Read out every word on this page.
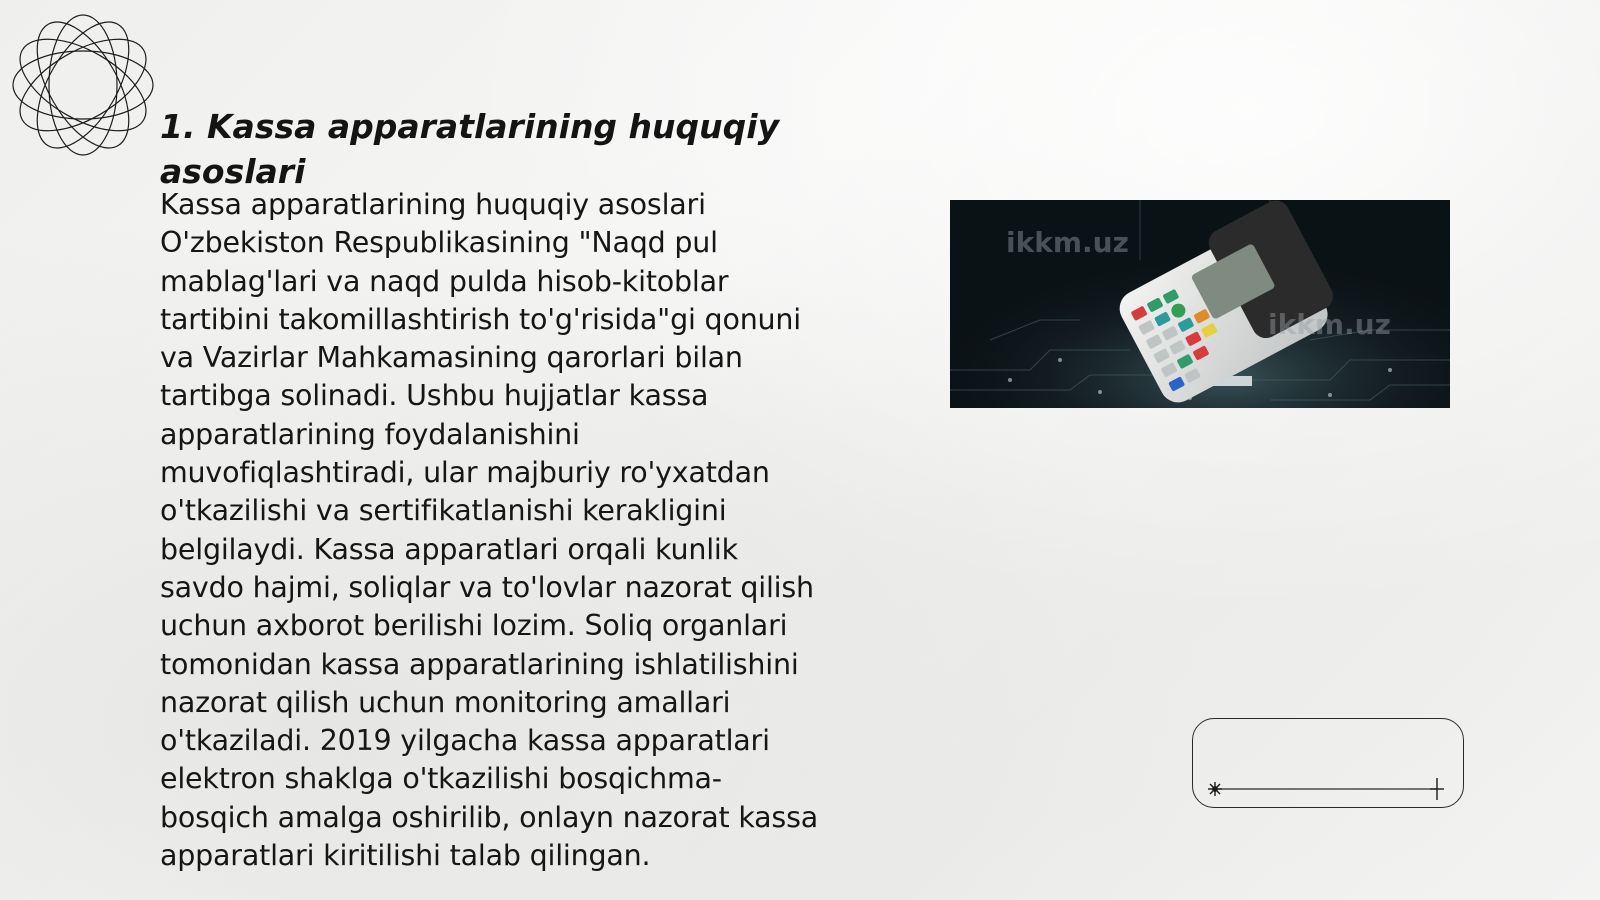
1. Kassa apparatlarining huquqiy asoslari

Kassa apparatlarining huquqiy asoslari O'zbekiston Respublikasining "Naqd pul mablag'lari va naqd pulda hisob-kitoblar tartibini takomillashtirish to'g'risida"gi qonuni va Vazirlar Mahkamasining qarorlari bilan tartibga solinadi. Ushbu hujjatlar kassa apparatlarining foydalanishini muvofiqlashtiradi, ular majburiy ro'yxatdan o'tkazilishi va sertifikatlanishi kerakligini belgilaydi. Kassa apparatlari orqali kunlik savdo hajmi, soliqlar va to'lovlar nazorat qilish uchun axborot berilishi lozim. Soliq organlari tomonidan kassa apparatlarining ishlatilishini nazorat qilish uchun monitoring amallari o'tkaziladi. 2019 yilgacha kassa apparatlari elektron shaklga o'tkazilishi bosqichma-bosqich amalga oshirilib, onlayn nazorat kassa apparatlari kiritilishi talab qilingan.

ikkm.uz
ikkm.uz
